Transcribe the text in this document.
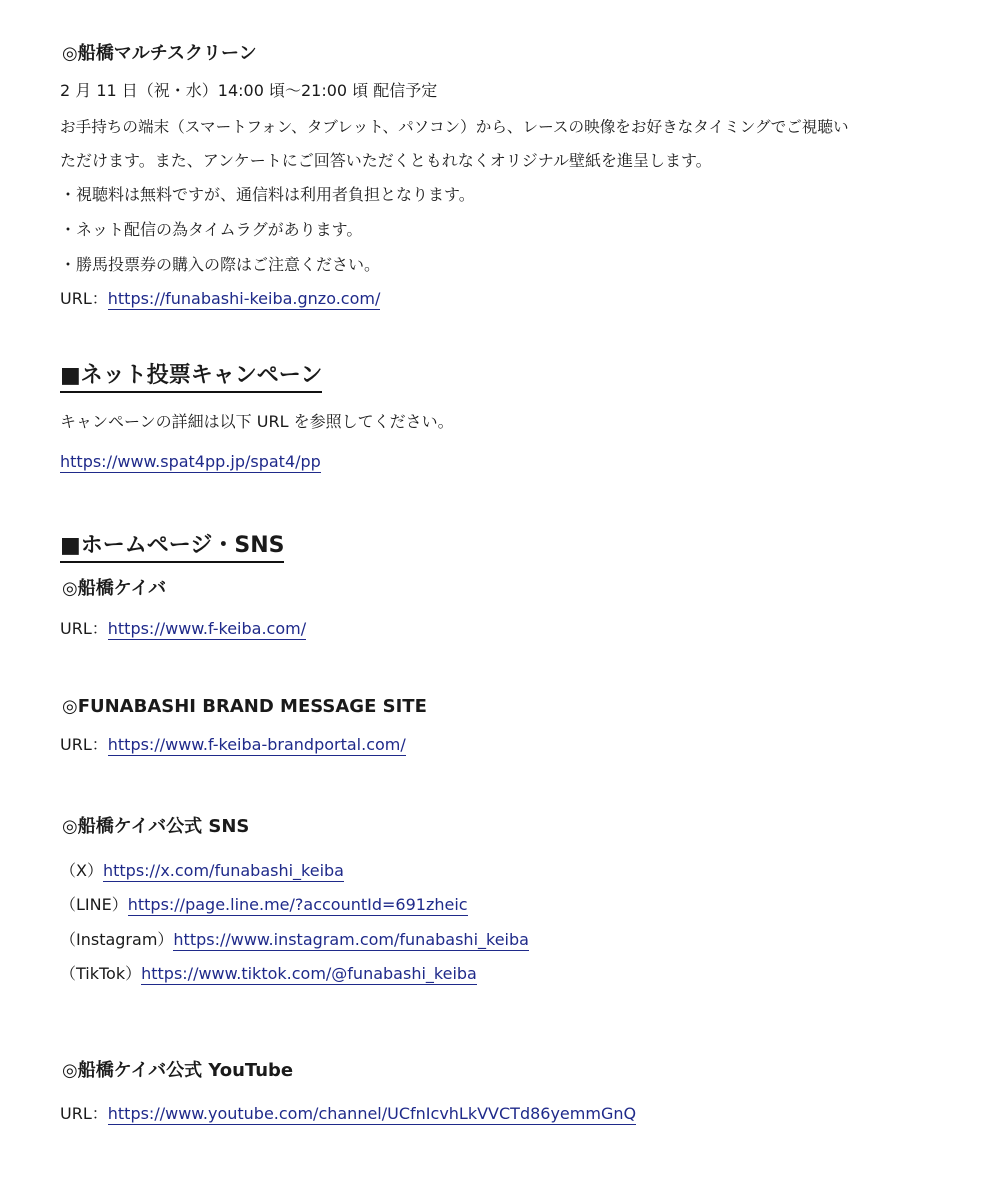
◎船橋マルチスクリーン
2 月 11 日（祝・水）14:00 頃〜21:00 頃 配信予定
お手持ちの端末（スマートフォン、タブレット、パソコン）から、レースの映像をお好きなタイミングでご視聴い
ただけます。また、アンケートにご回答いただくともれなくオリジナル壁紙を進呈します。
・視聴料は無料ですが、通信料は利用者負担となります。
・ネット配信の為タイムラグがあります。
・勝馬投票券の購入の際はご注意ください。
URL：https://funabashi-keiba.gnzo.com/
■ネット投票キャンペーン
キャンペーンの詳細は以下 URL を参照してください。
https://www.spat4pp.jp/spat4/pp
■ホームページ・SNS
◎船橋ケイバ
URL：https://www.f-keiba.com/
◎FUNABASHI BRAND MESSAGE SITE
URL：https://www.f-keiba-brandportal.com/
◎船橋ケイバ公式 SNS
（X）https://x.com/funabashi_keiba
（LINE）https://page.line.me/?accountId=691zheic
（Instagram）https://www.instagram.com/funabashi_keiba
（TikTok）https://www.tiktok.com/@funabashi_keiba
◎船橋ケイバ公式 YouTube
URL：https://www.youtube.com/channel/UCfnIcvhLkVVCTd86yemmGnQ
